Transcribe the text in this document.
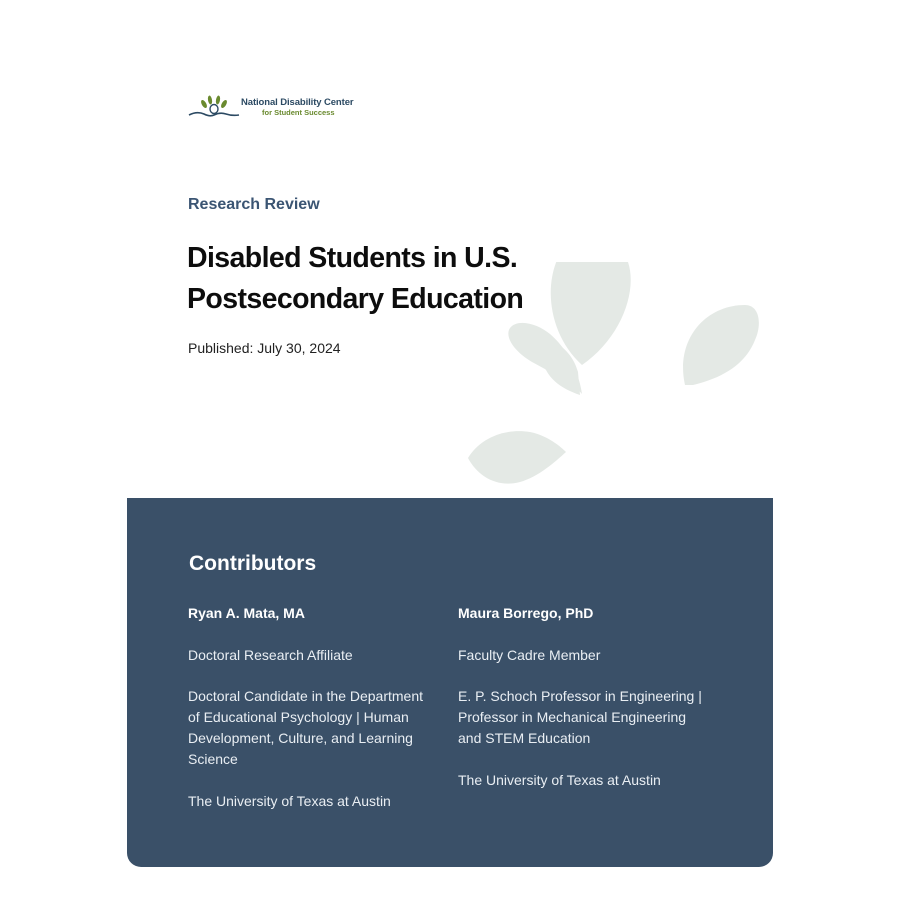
National Disability Center
for Student Success
Research Review
Disabled Students in U.S.
Postsecondary Education
Published: July 30, 2024
Contributors
Ryan A. Mata, MA
Doctoral Research Affiliate
Doctoral Candidate in the Department of Educational Psychology | Human Development, Culture, and Learning Science
The University of Texas at Austin
Maura Borrego, PhD
Faculty Cadre Member
E. P. Schoch Professor in Engineering | Professor in Mechanical Engineering and STEM Education
The University of Texas at Austin
